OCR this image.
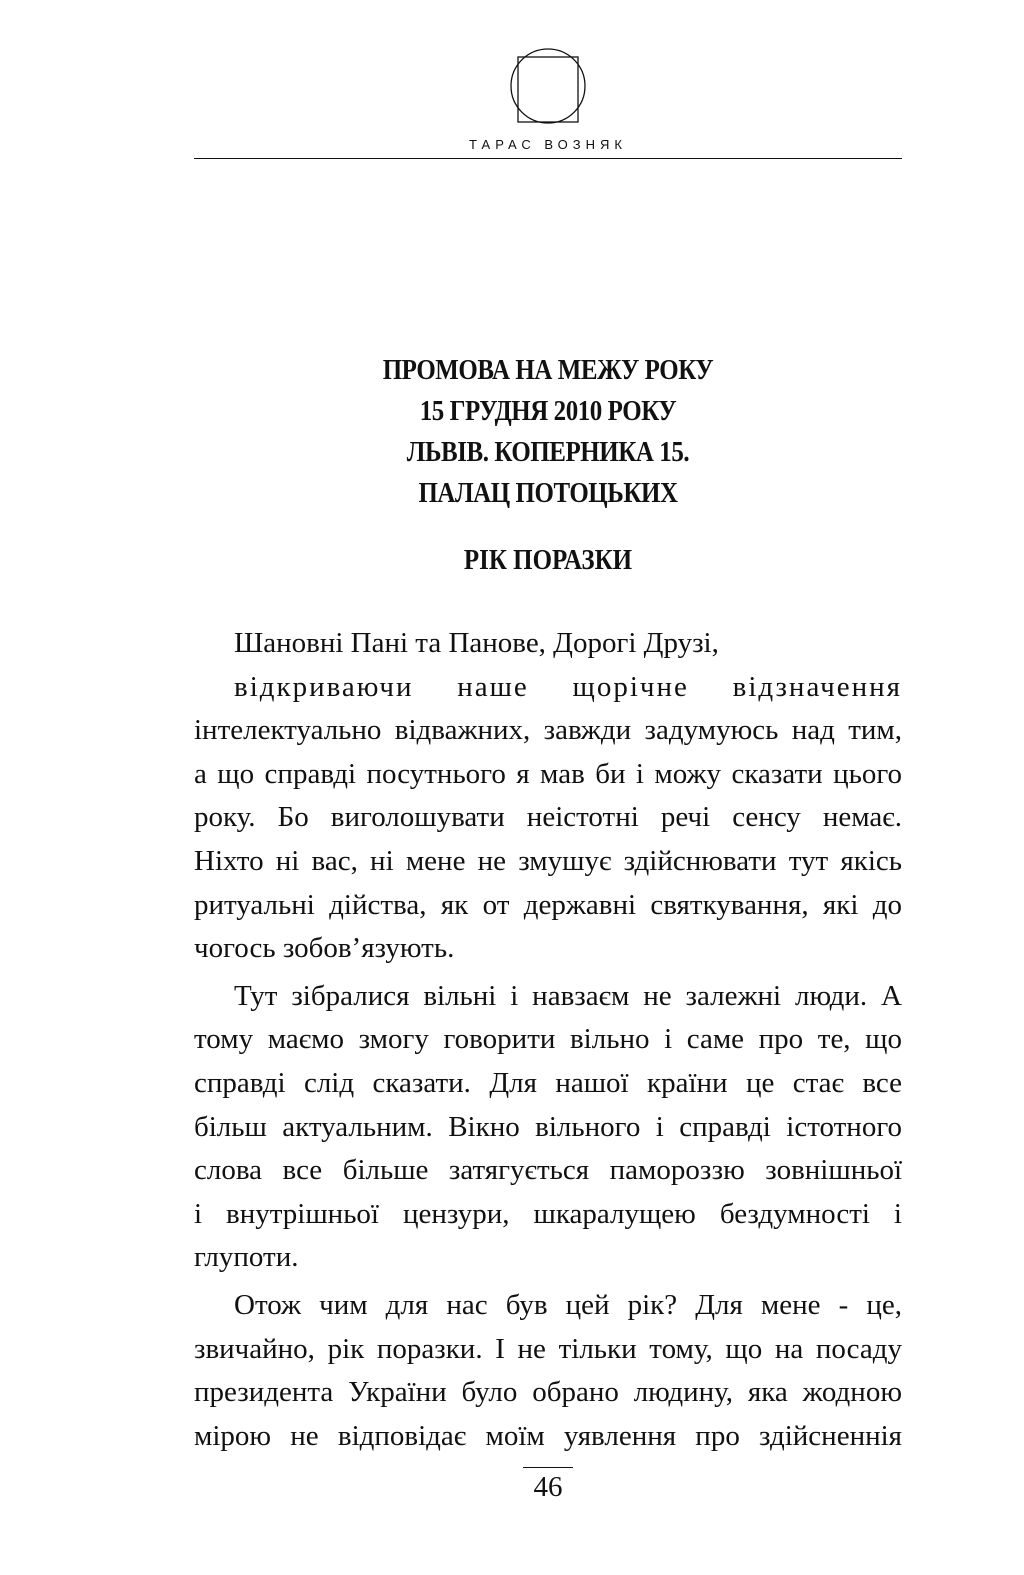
ТАРАС ВОЗНЯК
ПРОМОВА НА МЕЖУ РОКУ
15 ГРУДНЯ 2010 РОКУ
ЛЬВІВ. КОПЕРНИКА 15.
ПАЛАЦ ПОТОЦЬКИХ
РІК ПОРАЗКИ
Шановні Пані та Панове, Дорогі Друзі,
відкриваючи наше щорічне відзначення
інтелектуально відважних, завжди задумуюсь над тим,
а що справді посутнього я мав би і можу сказати цього
року. Бо виголошувати неістотні речі сенсу немає.
Ніхто ні вас, ні мене не змушує здійснювати тут якісь
ритуальні дійства, як от державні святкування, які до
чогось зобов’язують.
Тут зібралися вільні і навзаєм не залежні люди. А
тому маємо змогу говорити вільно і саме про те, що
справді слід сказати. Для нашої країни це стає все
більш актуальним. Вікно вільного і справді істотного
слова все більше затягується памороззю зовнішньої
і внутрішньої цензури, шкаралущею бездумності і
глупоти.
Отож чим для нас був цей рік? Для мене - це,
звичайно, рік поразки. І не тільки тому, що на посаду
президента України було обрано людину, яка жодною
мірою не відповідає моїм уявлення про здійсненнія
46
